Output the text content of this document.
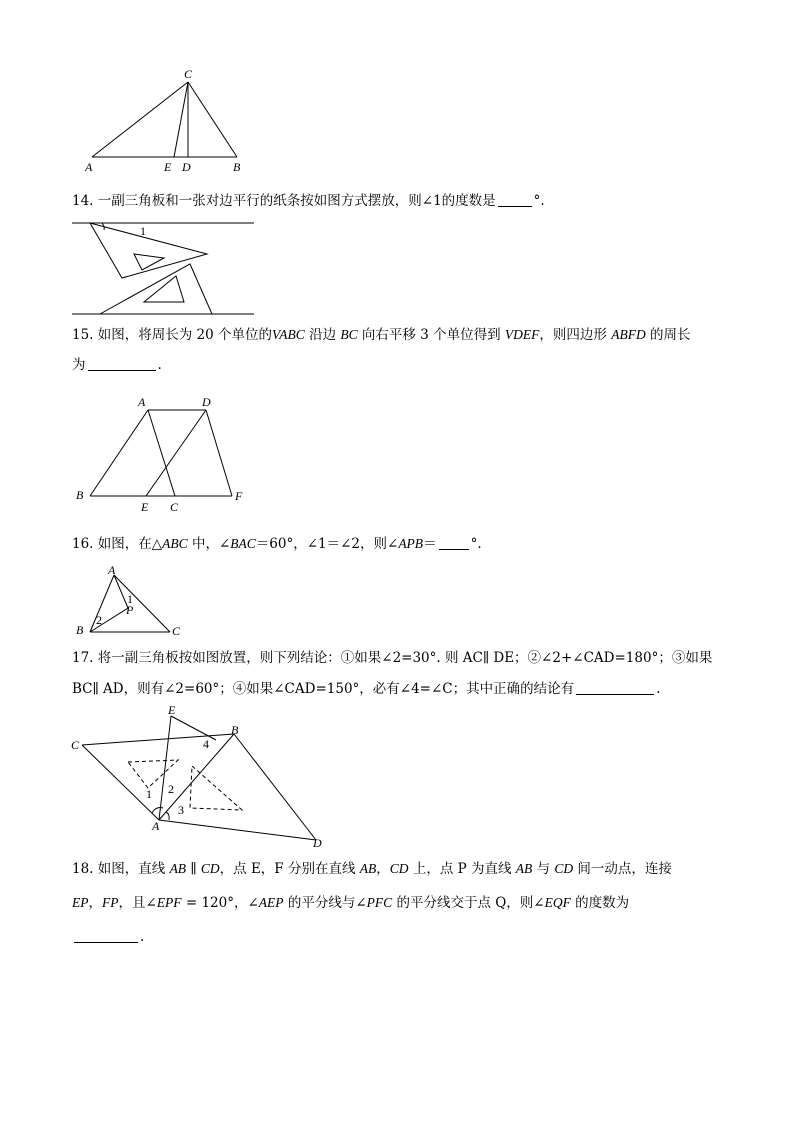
C
A	E D	B
14. 一副三角板和一张对边平行的纸条按如图方式摆放，则∠1的度数是	°.
1
15. 如图，将周长为 20 个单位的VABC 沿边 BC 向右平移 3 个单位得到 VDEF，则四边形 ABFD 的周长
为	.
A	D
B
E C
F
16. 如图，在△ABC 中，∠BAC＝60°，∠1＝∠2，则∠APB＝	°.
A
P
B	C
1
2
17. 将一副三角板按如图放置，则下列结论：①如果∠2=30°. 则 AC∥ DE；②∠2+∠CAD=180°；③如果
BC∥ AD，则有∠2=60°；④如果∠CAD=150°，必有∠4=∠C；其中正确的结论有	.
E
B
C
A
D
1 2
3
4
18. 如图，直线 AB ∥ CD，点 E，F 分别在直线 AB，CD 上，点 P 为直线 AB 与 CD 间一动点，连接
EP，FP，且∠EPF = 120°，∠AEP 的平分线与∠PFC 的平分线交于点 Q，则∠EQF 的度数为
.
